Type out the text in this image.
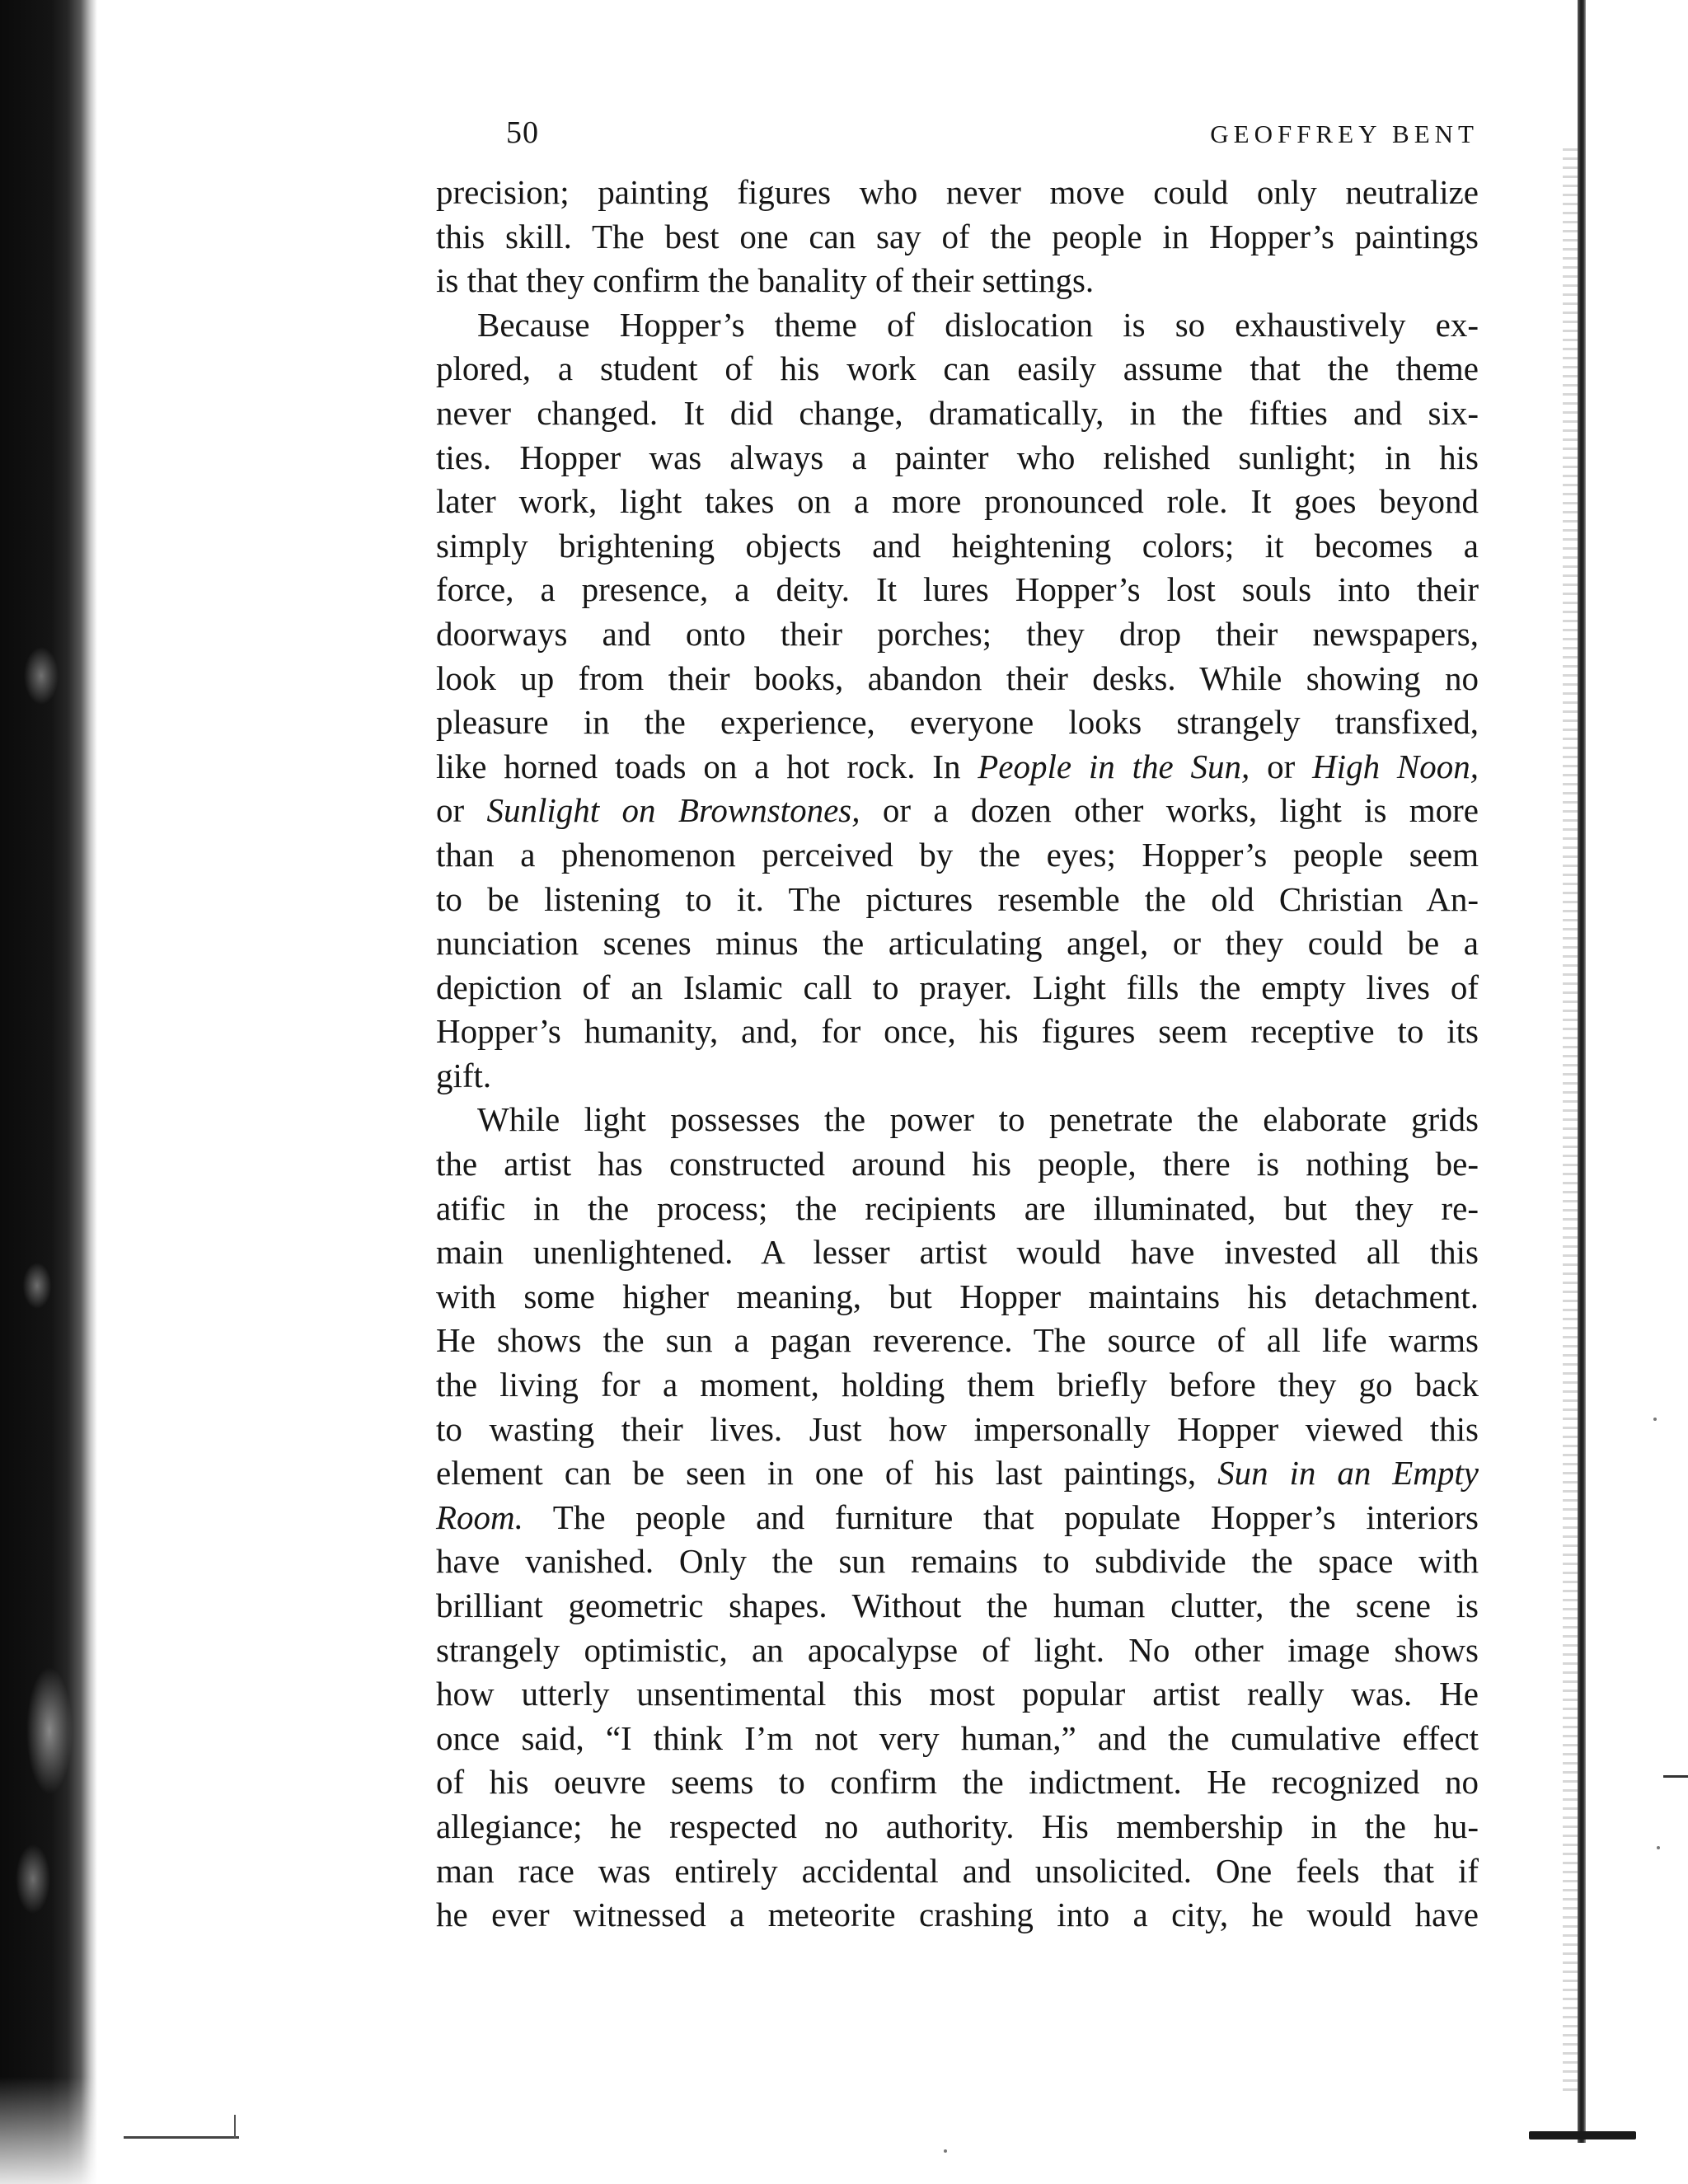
50	GEOFFREY BENT

precision; painting figures who never move could only neutralize

this skill. The best one can say of the people in Hopper’s paintings

is that they confirm the banality of their settings.

Because Hopper’s theme of dislocation is so exhaustively ex-

plored, a student of his work can easily assume that the theme

never changed. It did change, dramatically, in the fifties and six-

ties. Hopper was always a painter who relished sunlight; in his

later work, light takes on a more pronounced role. It goes beyond

simply brightening objects and heightening colors; it becomes a

force, a presence, a deity. It lures Hopper’s lost souls into their

doorways and onto their porches; they drop their newspapers,

look up from their books, abandon their desks. While showing no

pleasure in the experience, everyone looks strangely transfixed,

like horned toads on a hot rock. In People in the Sun, or High Noon,

or Sunlight on Brownstones, or a dozen other works, light is more

than a phenomenon perceived by the eyes; Hopper’s people seem

to be listening to it. The pictures resemble the old Christian An-

nunciation scenes minus the articulating angel, or they could be a

depiction of an Islamic call to prayer. Light fills the empty lives of

Hopper’s humanity, and, for once, his figures seem receptive to its

gift.

While light possesses the power to penetrate the elaborate grids

the artist has constructed around his people, there is nothing be-

atific in the process; the recipients are illuminated, but they re-

main unenlightened. A lesser artist would have invested all this

with some higher meaning, but Hopper maintains his detachment.

He shows the sun a pagan reverence. The source of all life warms

the living for a moment, holding them briefly before they go back

to wasting their lives. Just how impersonally Hopper viewed this

element can be seen in one of his last paintings, Sun in an Empty

Room. The people and furniture that populate Hopper’s interiors

have vanished. Only the sun remains to subdivide the space with

brilliant geometric shapes. Without the human clutter, the scene is

strangely optimistic, an apocalypse of light. No other image shows

how utterly unsentimental this most popular artist really was. He

once said, “I think I’m not very human,” and the cumulative effect

of his oeuvre seems to confirm the indictment. He recognized no

allegiance; he respected no authority. His membership in the hu-

man race was entirely accidental and unsolicited. One feels that if

he ever witnessed a meteorite crashing into a city, he would have
